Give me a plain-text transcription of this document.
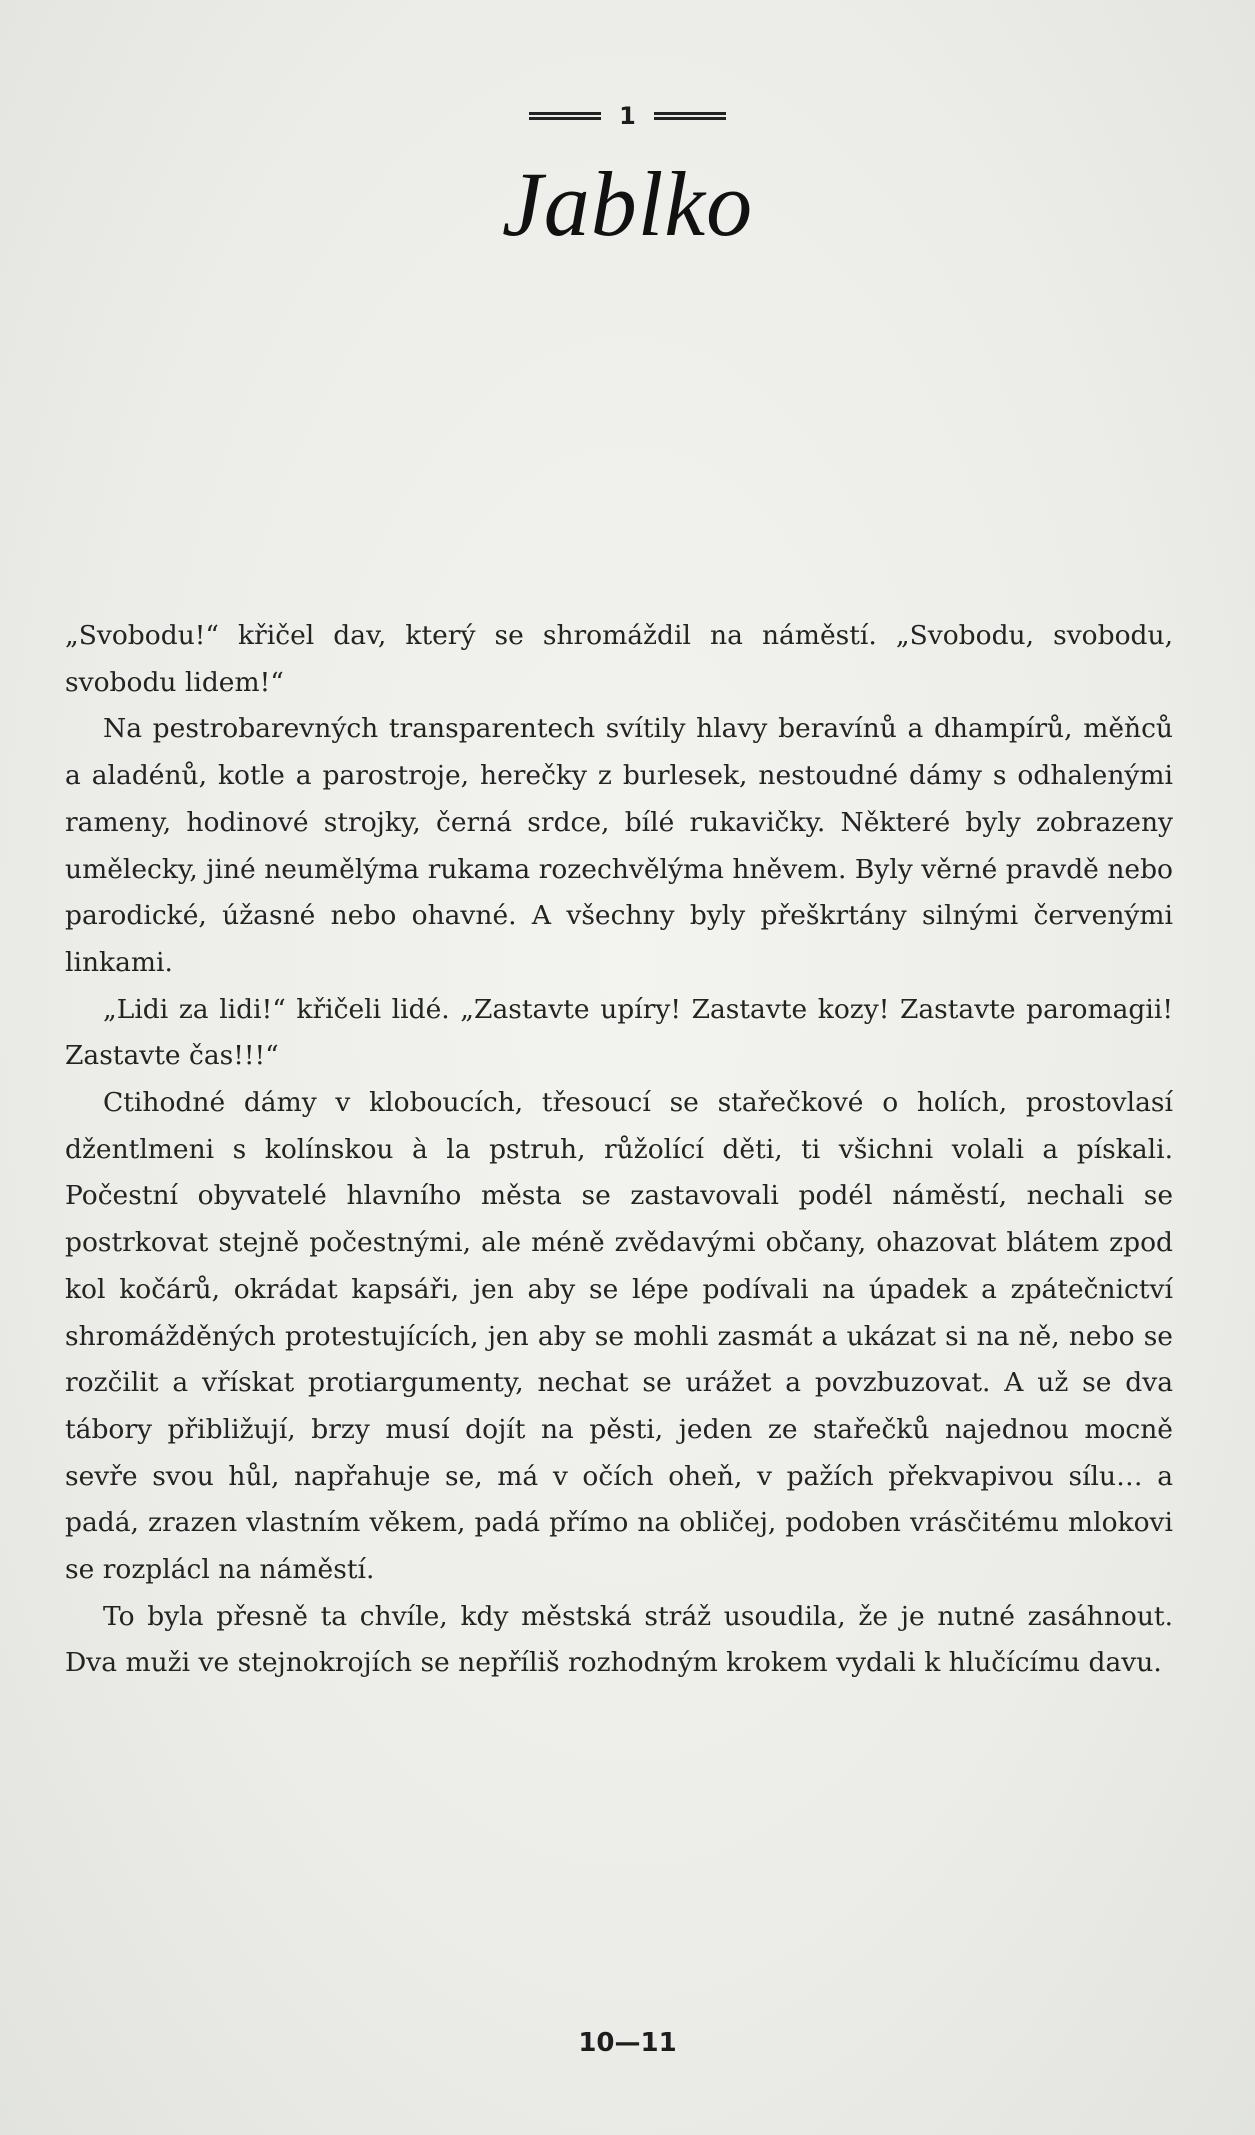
1
Jablko

„Svobodu!“ křičel dav, který se shromáždil na náměstí. „Svobodu, svobodu, svobodu lidem!“

Na pestrobarevných transparentech svítily hlavy beravínů a dhampírů, měňců a aladénů, kotle a parostroje, herečky z burlesek, nestoudné dámy s odhalenými rameny, hodinové strojky, černá srdce, bílé rukavičky. Některé byly zobrazeny umělecky, jiné neumělýma rukama rozechvělýma hněvem. Byly věrné pravdě nebo parodické, úžasné nebo ohavné. A všechny byly přeškrtány silnými červenými linkami.

„Lidi za lidi!“ křičeli lidé. „Zastavte upíry! Zastavte kozy! Zastavte paromagii! Zastavte čas!!!“

Ctihodné dámy v kloboucích, třesoucí se stařečkové o holích, prostovlasí džentlmeni s kolínskou à la pstruh, růžolící děti, ti všichni volali a pískali. Počestní obyvatelé hlavního města se zastavovali podél náměstí, nechali se postrkovat stejně počestnými, ale méně zvědavými občany, ohazovat blátem zpod kol kočárů, okrádat kapsáři, jen aby se lépe podívali na úpadek a zpátečnictví shromážděných protestujících, jen aby se mohli zasmát a ukázat si na ně, nebo se rozčilit a vřískat protiargumenty, nechat se urážet a povzbuzovat. A už se dva tábory přibližují, brzy musí dojít na pěsti, jeden ze stařečků najednou mocně sevře svou hůl, napřahuje se, má v očích oheň, v pažích překvapivou sílu… a padá, zrazen vlastním věkem, padá přímo na obličej, podoben vrásčitému mlokovi se rozplácl na náměstí.

To byla přesně ta chvíle, kdy městská stráž usoudila, že je nutné zasáhnout. Dva muži ve stejnokrojích se nepříliš rozhodným krokem vydali k hlučícímu davu.

10—11
